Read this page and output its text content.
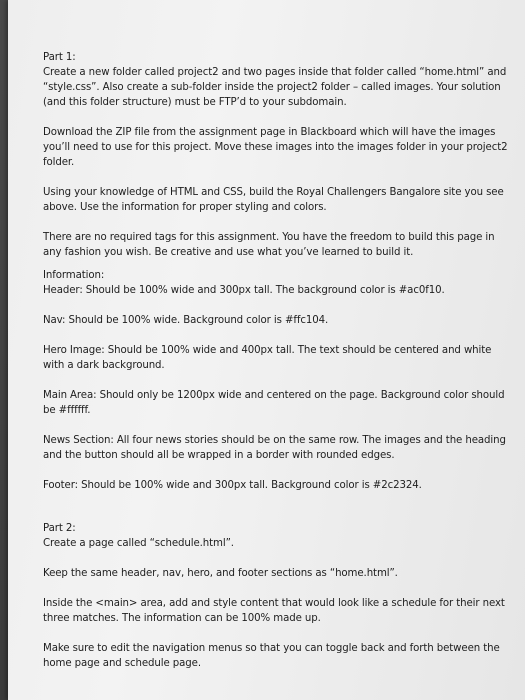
Part 1:

Create a new folder called project2 and two pages inside that folder called “home.html” and “style.css”. Also create a sub-folder inside the project2 folder – called images. Your solution (and this folder structure) must be FTP’d to your subdomain.

Download the ZIP file from the assignment page in Blackboard which will have the images you’ll need to use for this project. Move these images into the images folder in your project2 folder.

Using your knowledge of HTML and CSS, build the Royal Challengers Bangalore site you see above. Use the information for proper styling and colors.

There are no required tags for this assignment. You have the freedom to build this page in any fashion you wish. Be creative and use what you’ve learned to build it.

Information:

Header: Should be 100% wide and 300px tall. The background color is #ac0f10.

Nav: Should be 100% wide. Background color is #ffc104.

Hero Image: Should be 100% wide and 400px tall. The text should be centered and white with a dark background.

Main Area: Should only be 1200px wide and centered on the page. Background color should be #ffffff.

News Section: All four news stories should be on the same row. The images and the heading and the button should all be wrapped in a border with rounded edges.

Footer: Should be 100% wide and 300px tall. Background color is #2c2324.

Part 2:

Create a page called “schedule.html”.

Keep the same header, nav, hero, and footer sections as “home.html”.

Inside the <main> area, add and style content that would look like a schedule for their next three matches. The information can be 100% made up.

Make sure to edit the navigation menus so that you can toggle back and forth between the home page and schedule page.
